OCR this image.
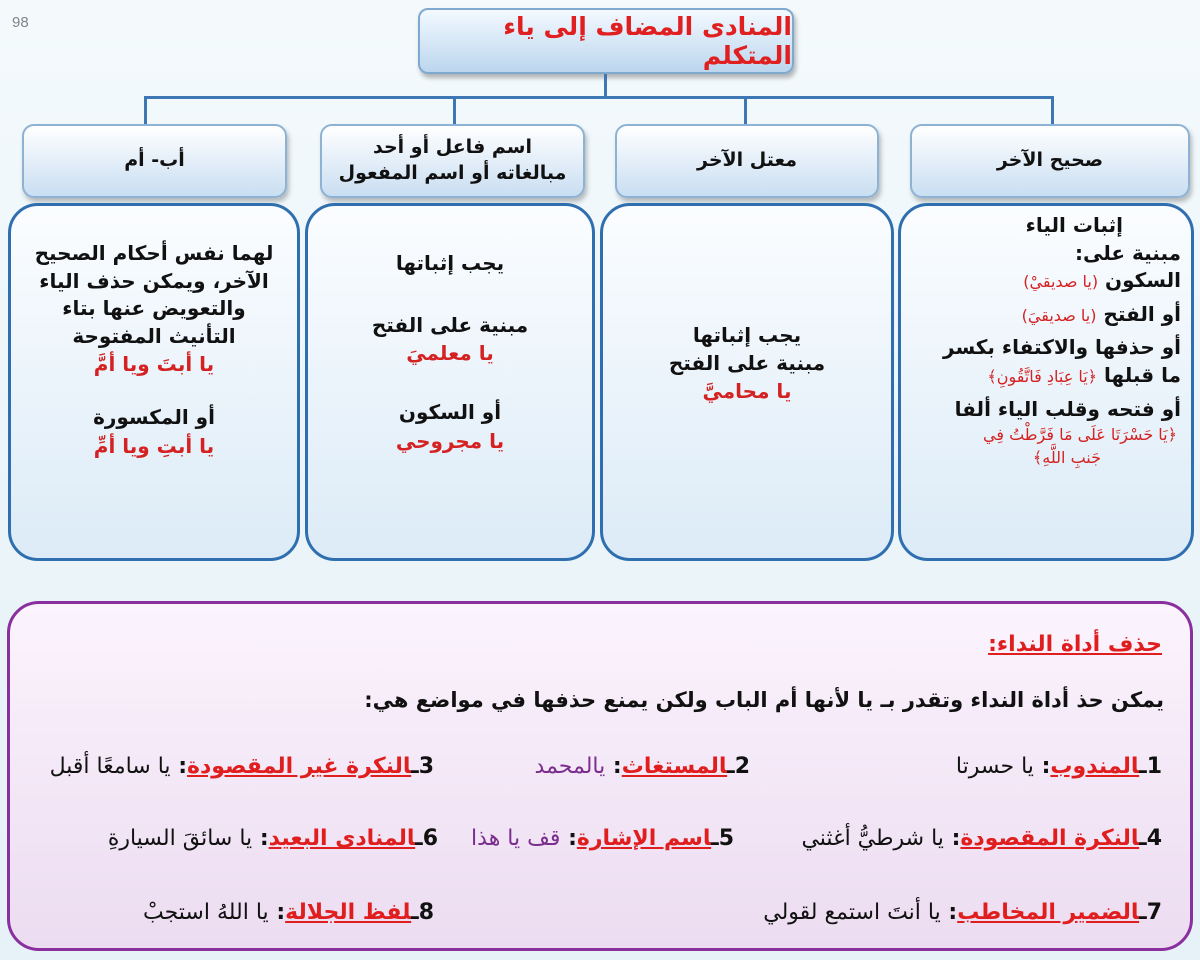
98	المنادى المضاف إلى ياء المتكلم
صحيح الآخر
إثبات الياء
مبنية على:
السكون (يا صديقيْ)
أو الفتح (يا صديقيَ)
أو حذفها والاكتفاء بكسر
ما قبلها ﴿يَا عِبَادِ فَاتَّقُونِ﴾
أو فتحه وقلب الياء ألفا
﴿يَا حَسْرَتَا عَلَى مَا فَرَّطْتُ فِي
جَنبِ اللَّهِ﴾
معتل الآخر
يجب إثباتها
مبنية على الفتح
يا محاميَّ
اسم فاعل أو أحد
مبالغاته أو اسم المفعول
يجب إثباتها
مبنية على الفتح
يا معلميَ
أو السكون
يا مجروحي
أب- أم
لهما نفس أحكام الصحيح
الآخر، ويمكن حذف الياء
والتعويض عنها بتاء
التأنيث المفتوحة
يا أبتَ ويا أمَّ
أو المكسورة
يا أبتِ ويا أمِّ
حذف أداة النداء:
يمكن حذ أداة النداء وتقدر بـ يا لأنها أم الباب ولكن يمنع حذفها في مواضع هي:
1ـالمندوب: يا حسرتا
2ـالمستغاث: يالمحمد
3ـالنكرة غير المقصودة: يا سامعًا أقبل
4ـالنكرة المقصودة: يا شرطيُّ أغثني
5ـاسم الإشارة: قف يا هذا
6ـالمنادى البعيد: يا سائقَ السيارةِ
7ـالضمير المخاطب: يا أنتَ استمع لقولي
8ـلفظ الجلالة: يا اللهُ استجبْ
